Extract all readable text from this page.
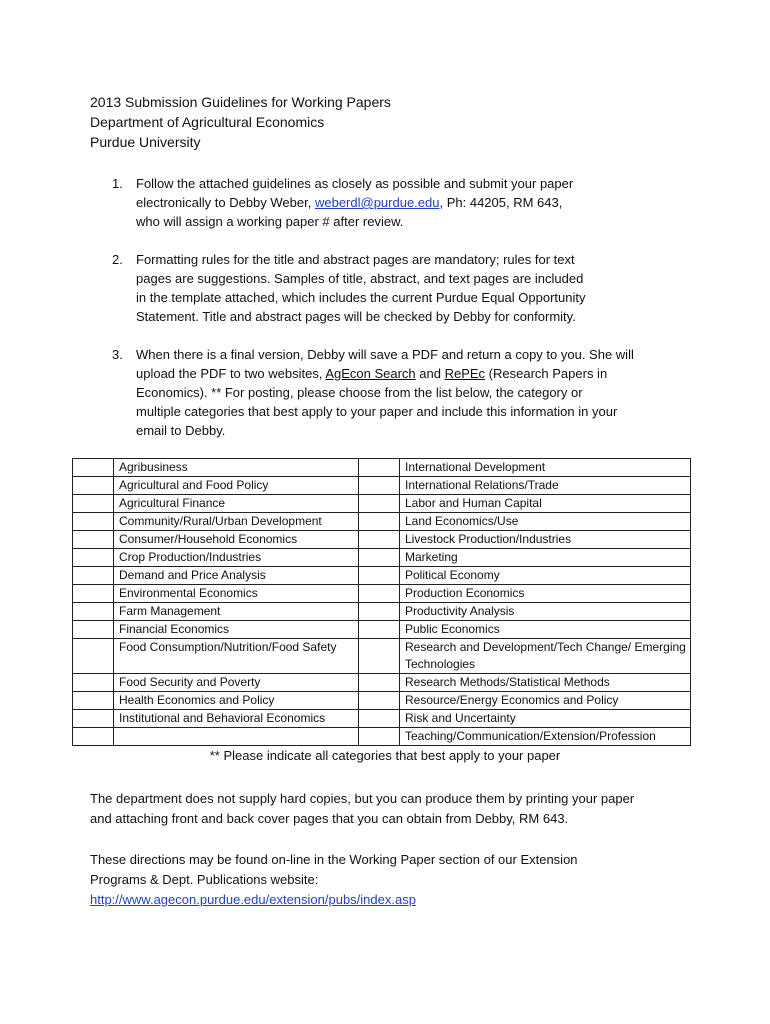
2013 Submission Guidelines for Working Papers
Department of Agricultural Economics
Purdue University
1.	Follow the attached guidelines as closely as possible and submit your paper
electronically to Debby Weber, weberdl@purdue.edu, Ph: 44205, RM 643,
who will assign a working paper # after review.
2.	Formatting rules for the title and abstract pages are mandatory; rules for text
pages are suggestions. Samples of title, abstract, and text pages are included
in the template attached, which includes the current Purdue Equal Opportunity
Statement. Title and abstract pages will be checked by Debby for conformity.
3.	When there is a final version, Debby will save a PDF and return a copy to you. She will
upload the PDF to two websites, AgEcon Search and RePEc (Research Papers in
Economics). ** For posting, please choose from the list below, the category or
multiple categories that best apply to your paper and include this information in your
email to Debby.
	Agribusiness		International Development
	Agricultural and Food Policy		International Relations/Trade
	Agricultural Finance		Labor and Human Capital
	Community/Rural/Urban Development		Land Economics/Use
	Consumer/Household Economics		Livestock Production/Industries
	Crop Production/Industries		Marketing
	Demand and Price Analysis		Political Economy
	Environmental Economics		Production Economics
	Farm Management		Productivity Analysis
	Financial Economics		Public Economics
	Food Consumption/Nutrition/Food Safety		Research and Development/Tech Change/ Emerging Technologies
	Food Security and Poverty		Research Methods/Statistical Methods
	Health Economics and Policy		Resource/Energy Economics and Policy
	Institutional and Behavioral Economics		Risk and Uncertainty
			Teaching/Communication/Extension/Profession
** Please indicate all categories that best apply to your paper
The department does not supply hard copies, but you can produce them by printing your paper
and attaching front and back cover pages that you can obtain from Debby, RM 643.
These directions may be found on-line in the Working Paper section of our Extension
Programs & Dept. Publications website:
http://www.agecon.purdue.edu/extension/pubs/index.asp
